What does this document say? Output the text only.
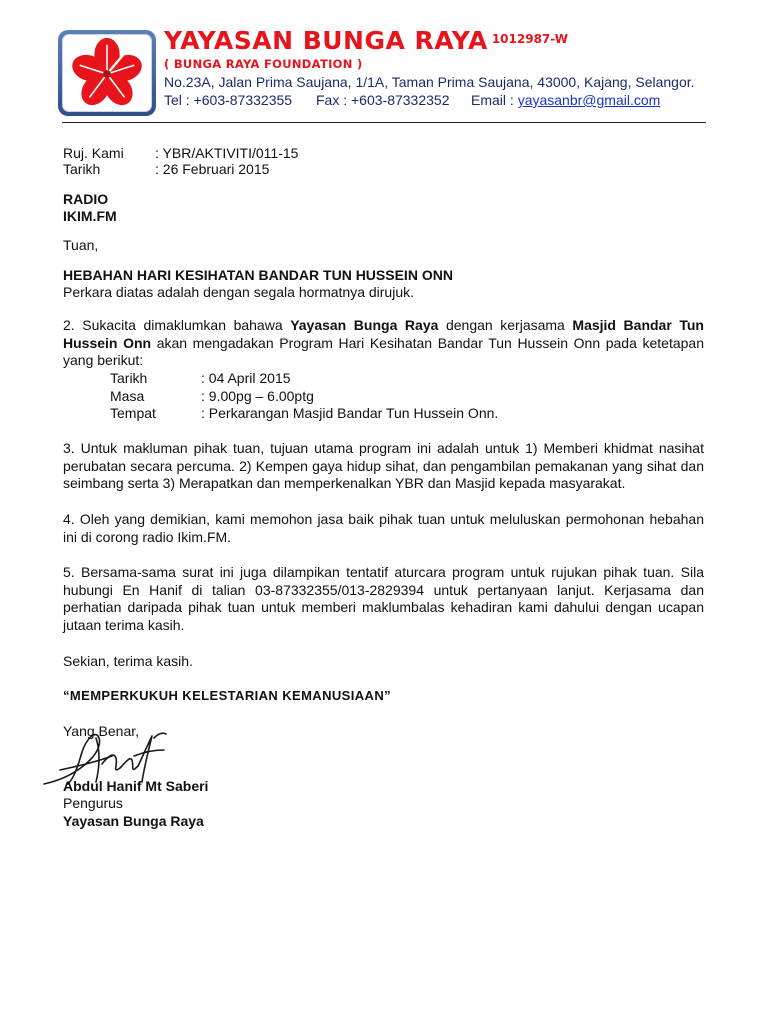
YAYASAN BUNGA RAYA $^{1012987-W}$

( BUNGA RAYA FOUNDATION )

No.23A, Jalan Prima Saujana, 1/1A, Taman Prima Saujana, 43000, Kajang, Selangor.

Tel : +603-87332355 Fax : +603-87332352 Email : yayasanbr@gmail.com

Ruj. Kami : YBR/AKTIVITI/011-15
Tarikh	: 26 Februari 2015

RADIO

IKIM.FM

Tuan,

HEBAHAN HARI KESIHATAN BANDAR TUN HUSSEIN ONN

Perkara diatas adalah dengan segala hormatnya dirujuk.

2. Sukacita dimaklumkan bahawa Yayasan Bunga Raya dengan kerjasama Masjid Bandar Tun Hussein Onn akan mengadakan Program Hari Kesihatan Bandar Tun Hussein Onn pada ketetapan yang berikut:

Tarikh	: 04 April 2015
Masa	: 9.00pg – 6.00ptg
Tempat	: Perkarangan Masjid Bandar Tun Hussein Onn.

3. Untuk makluman pihak tuan, tujuan utama program ini adalah untuk 1) Memberi khidmat nasihat perubatan secara percuma. 2) Kempen gaya hidup sihat, dan pengambilan pemakanan yang sihat dan seimbang serta 3) Merapatkan dan memperkenalkan YBR dan Masjid kepada masyarakat.

4. Oleh yang demikian, kami memohon jasa baik pihak tuan untuk meluluskan permohonan hebahan ini di corong radio Ikim.FM.

5. Bersama-sama surat ini juga dilampikan tentatif aturcara program untuk rujukan pihak tuan. Sila hubungi En Hanif di talian 03-87332355/013-2829394 untuk pertanyaan lanjut. Kerjasama dan perhatian daripada pihak tuan untuk memberi maklumbalas kehadiran kami dahului dengan ucapan jutaan terima kasih.

Sekian, terima kasih.

“MEMPERKUKUH KELESTARIAN KEMANUSIAAN”

Yang Benar,

Abdul Hanif Mt Saberi

Pengurus

Yayasan Bunga Raya
